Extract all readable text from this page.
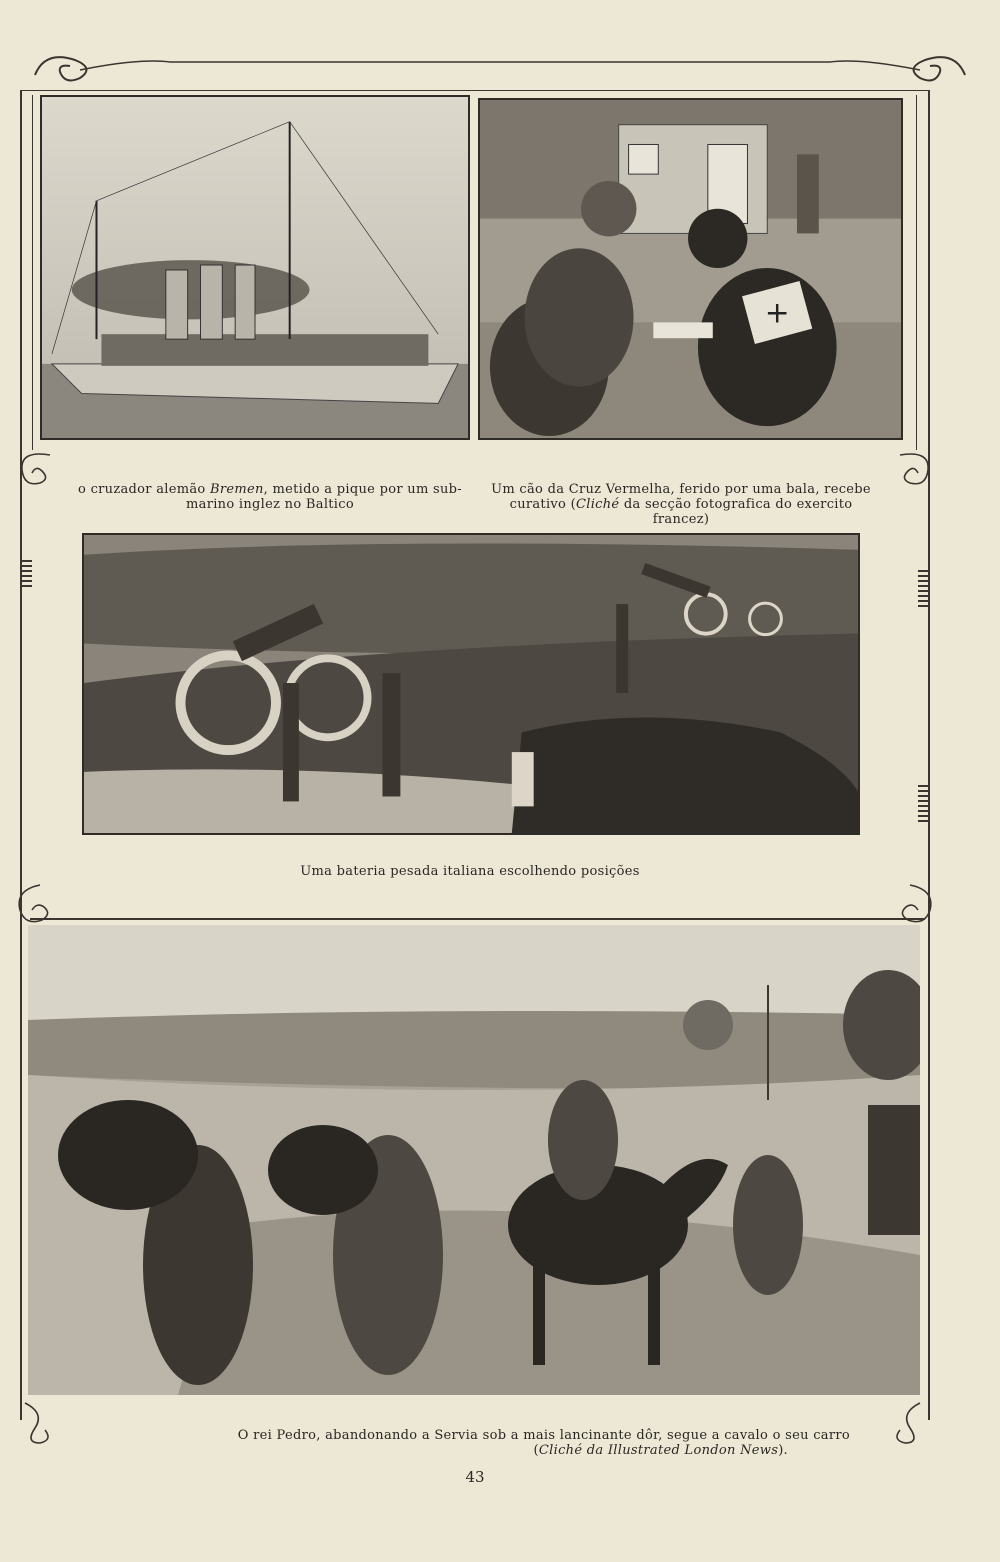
+
o cruzador alemão Bremen, metido a pique por um sub-
marino inglez no Baltico
Um cão da Cruz Vermelha, ferido por uma bala, recebe
curativo (Cliché da secção fotografica do exercito francez)
Uma bateria pesada italiana escolhendo posições
O rei Pedro, abandonando a Servia sob a mais lancinante dôr, segue a cavalo o seu carro
(Cliché da Illustrated London News).
43
